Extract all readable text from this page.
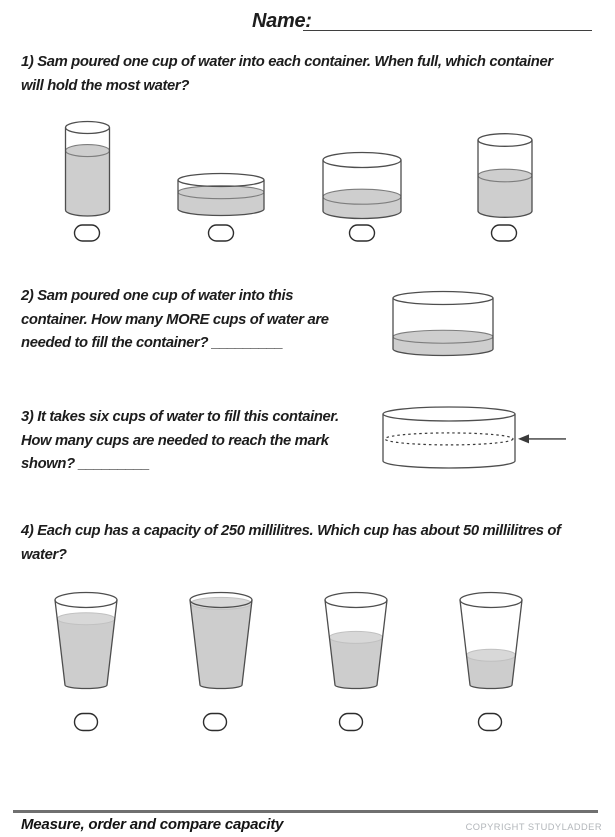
Name:
1) Sam poured one cup of water into each container. When full, which container
will hold the most water?
2) Sam poured one cup of water into this
container. How many MORE cups of water are
needed to fill the container? _________
3) It takes six cups of water to fill this container.
How many cups are needed to reach the mark
shown? _________
4) Each cup has a capacity of 250 millilitres. Which cup has about 50 millilitres of
water?
Measure, order and compare capacity	COPYRIGHT STUDYLADDER
